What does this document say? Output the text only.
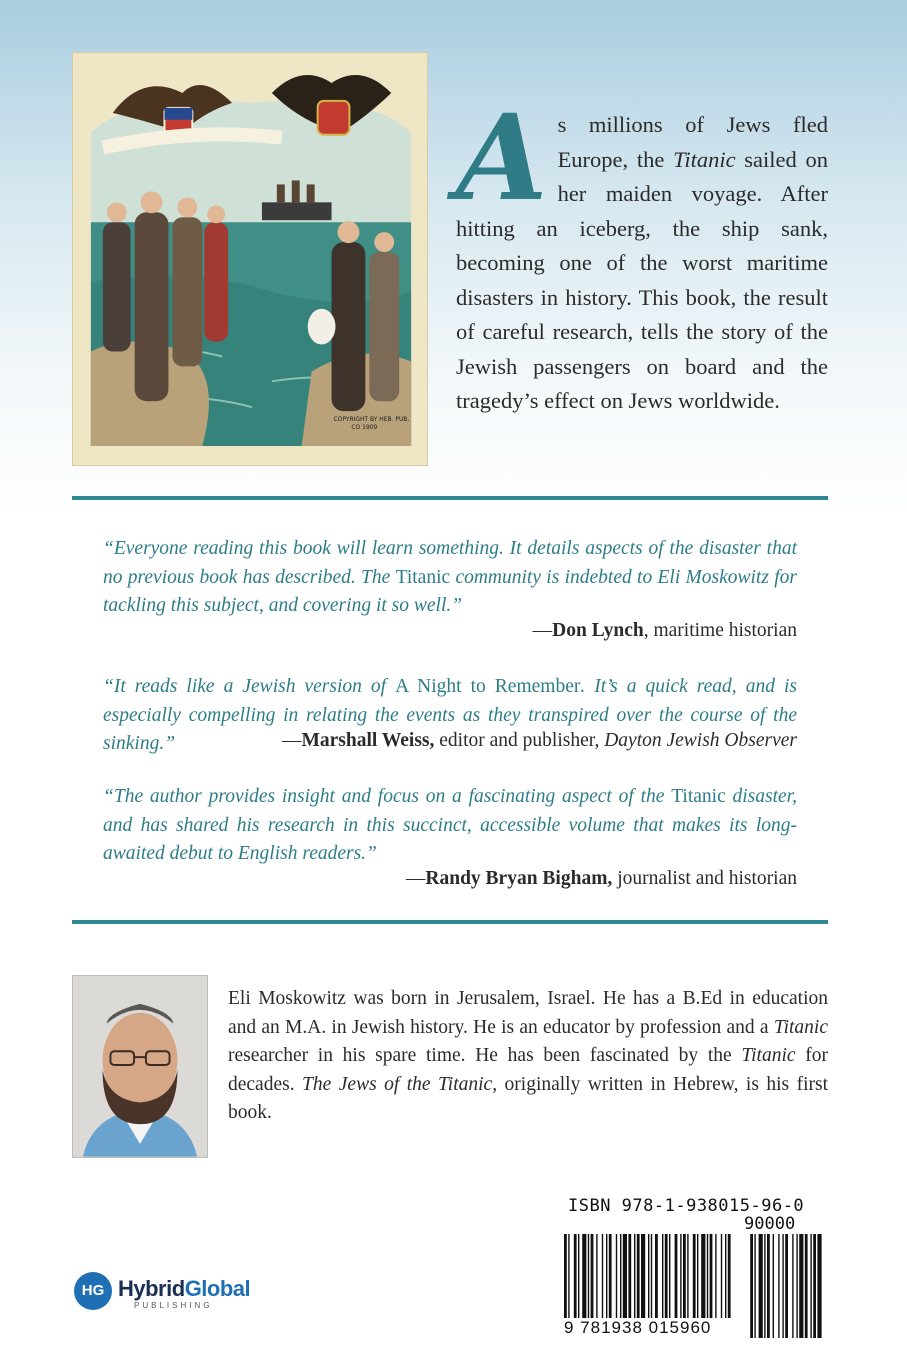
COPYRIGHT BY HEB. PUB.
CO 1909
As millions of Jews fled Europe, the Titanic sailed on her maiden voyage. After hitting an iceberg, the ship sank, becoming one of the worst maritime disasters in history. This book, the result of careful research, tells the story of the Jewish passengers on board and the tragedy’s effect on Jews worldwide.
“Everyone reading this book will learn something. It details aspects of the disaster that no previous book has described. The Titanic community is indebted to Eli Moskowitz for tackling this subject, and covering it so well.”
—Don Lynch, maritime historian
“It reads like a Jewish version of A Night to Remember. It’s a quick read, and is especially compelling in relating the events as they transpired over the course of the sinking.”	—Marshall Weiss, editor and publisher, Dayton Jewish Observer
“The author provides insight and focus on a fascinating aspect of the Titanic disaster, and has shared his research in this succinct, accessible volume that makes its long-awaited debut to English readers.”
—Randy Bryan Bigham, journalist and historian
Eli Moskowitz was born in Jerusalem, Israel. He has a B.Ed in education and an M.A. in Jewish history. He is an educator by profession and a Titanic researcher in his spare time. He has been fascinated by the Titanic for decades. The Jews of the Titanic, originally written in Hebrew, is his first book.
ISBN 978-1-938015-96-0
90000
9 781938 015960
HG HybridGlobal
PUBLISHING
